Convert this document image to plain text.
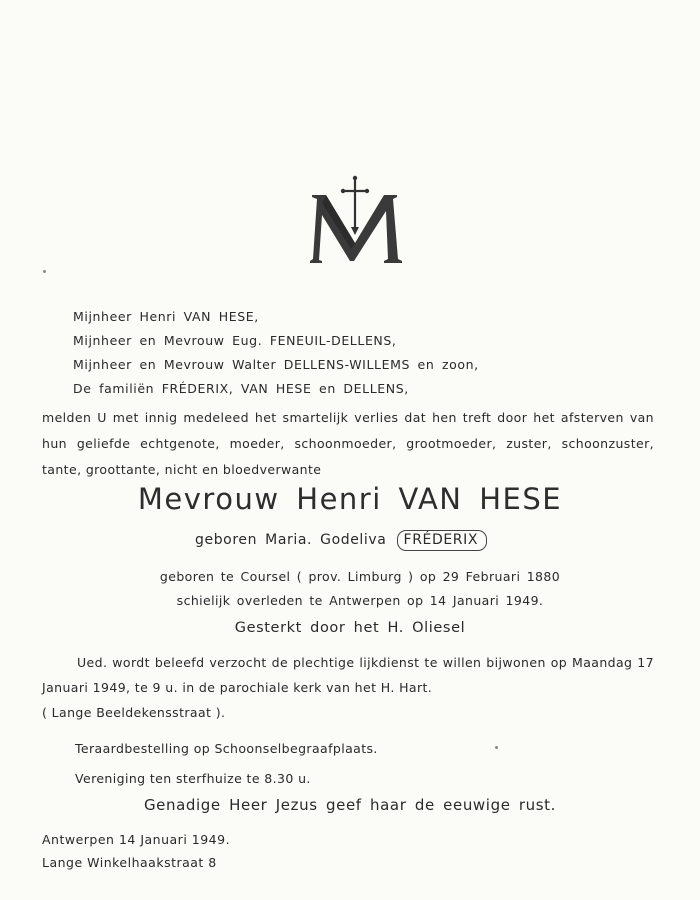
Mijnheer Henri VAN HESE,
Mijnheer en Mevrouw Eug. FENEUIL-DELLENS,
Mijnheer en Mevrouw Walter DELLENS-WILLEMS en zoon,
De familiën FRÉDERIX, VAN HESE en DELLENS,
melden U met innig medeleed het smartelijk verlies dat hen treft door het afsterven van hun geliefde echtgenote, moeder, schoonmoeder, grootmoeder, zuster, schoonzuster, tante, groottante, nicht en bloedverwante
Mevrouw Henri VAN HESE
geboren Maria. Godeliva FRÉDERIX
geboren te Coursel ( prov. Limburg ) op 29 Februari 1880
schielijk overleden te Antwerpen op 14 Januari 1949.
Gesterkt door het H. Oliesel
Ued. wordt beleefd verzocht de plechtige lijkdienst te willen bijwonen op Maandag 17 Januari 1949, te 9 u. in de parochiale kerk van het H. Hart.
( Lange Beeldekensstraat ).
Teraardbestelling op Schoonselbegraafplaats.
Vereniging ten sterfhuize te 8.30 u.
Genadige Heer Jezus geef haar de eeuwige rust.
Antwerpen 14 Januari 1949.
Lange Winkelhaakstraat 8
